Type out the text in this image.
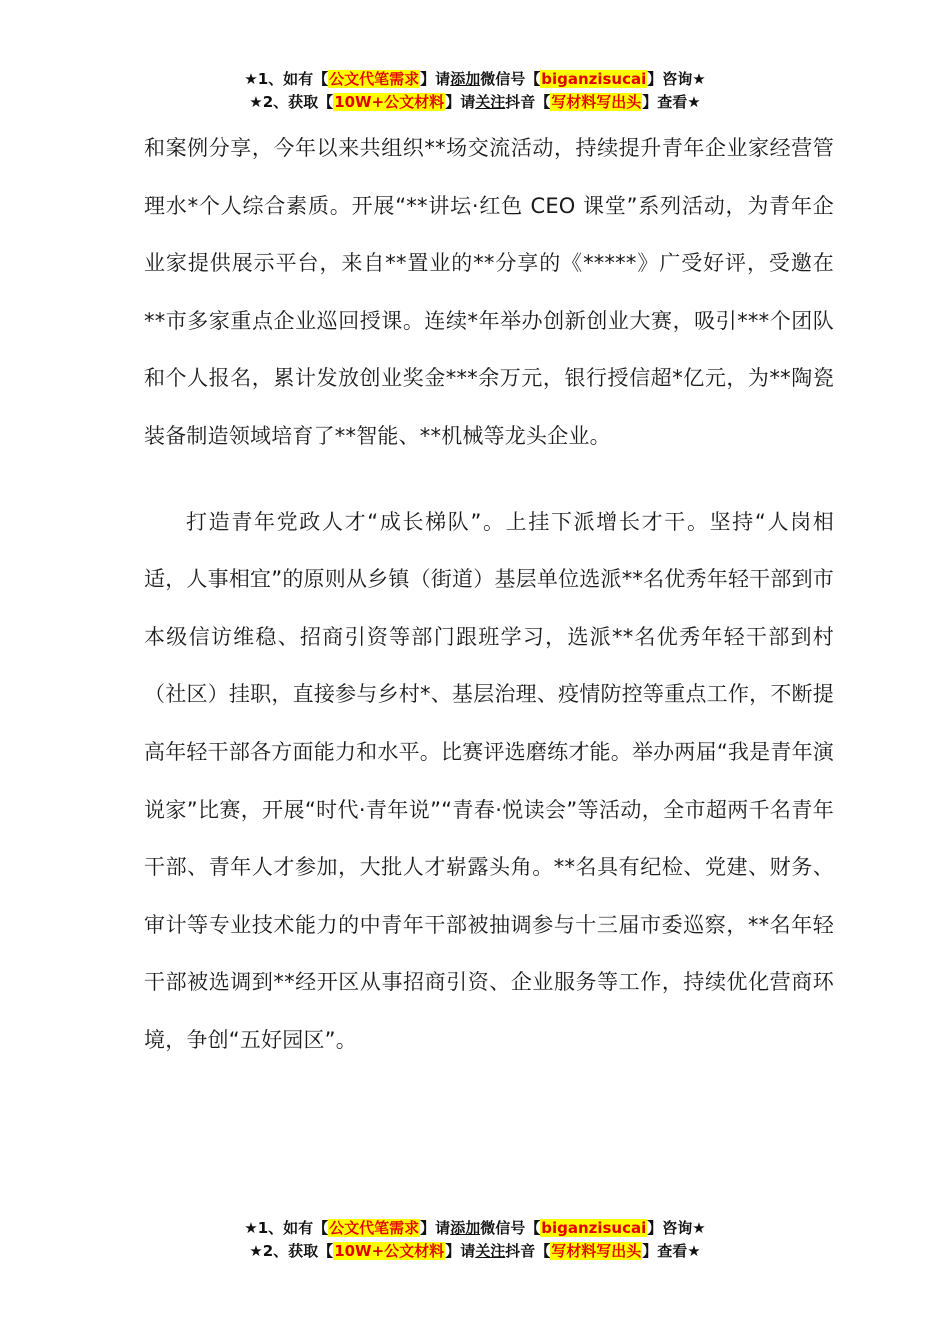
★1、如有【公文代笔需求】请添加微信号【biganzisucai】咨询★
★2、获取【10W+公文材料】请关注抖音【写材料写出头】查看★

和案例分享，今年以来共组织**场交流活动，持续提升青年企业家经营管理水*个人综合素质。开展“**讲坛·红色 CEO 课堂”系列活动，为青年企业家提供展示平台，来自**置业的**分享的《*****》广受好评，受邀在**市多家重点企业巡回授课。连续*年举办创新创业大赛，吸引***个团队和个人报名，累计发放创业奖金***余万元，银行授信超*亿元，为**陶瓷装备制造领域培育了**智能、**机械等龙头企业。

打造青年党政人才“成长梯队”。上挂下派增长才干。坚持“人岗相适，人事相宜”的原则从乡镇（街道）基层单位选派**名优秀年轻干部到市本级信访维稳、招商引资等部门跟班学习，选派**名优秀年轻干部到村（社区）挂职，直接参与乡村*、基层治理、疫情防控等重点工作，不断提高年轻干部各方面能力和水平。比赛评选磨练才能。举办两届“我是青年演说家”比赛，开展“时代·青年说”“青春·悦读会”等活动，全市超两千名青年干部、青年人才参加，大批人才崭露头角。**名具有纪检、党建、财务、审计等专业技术能力的中青年干部被抽调参与十三届市委巡察，**名年轻干部被选调到**经开区从事招商引资、企业服务等工作，持续优化营商环境，争创“五好园区”。

★1、如有【公文代笔需求】请添加微信号【biganzisucai】咨询★
★2、获取【10W+公文材料】请关注抖音【写材料写出头】查看★
